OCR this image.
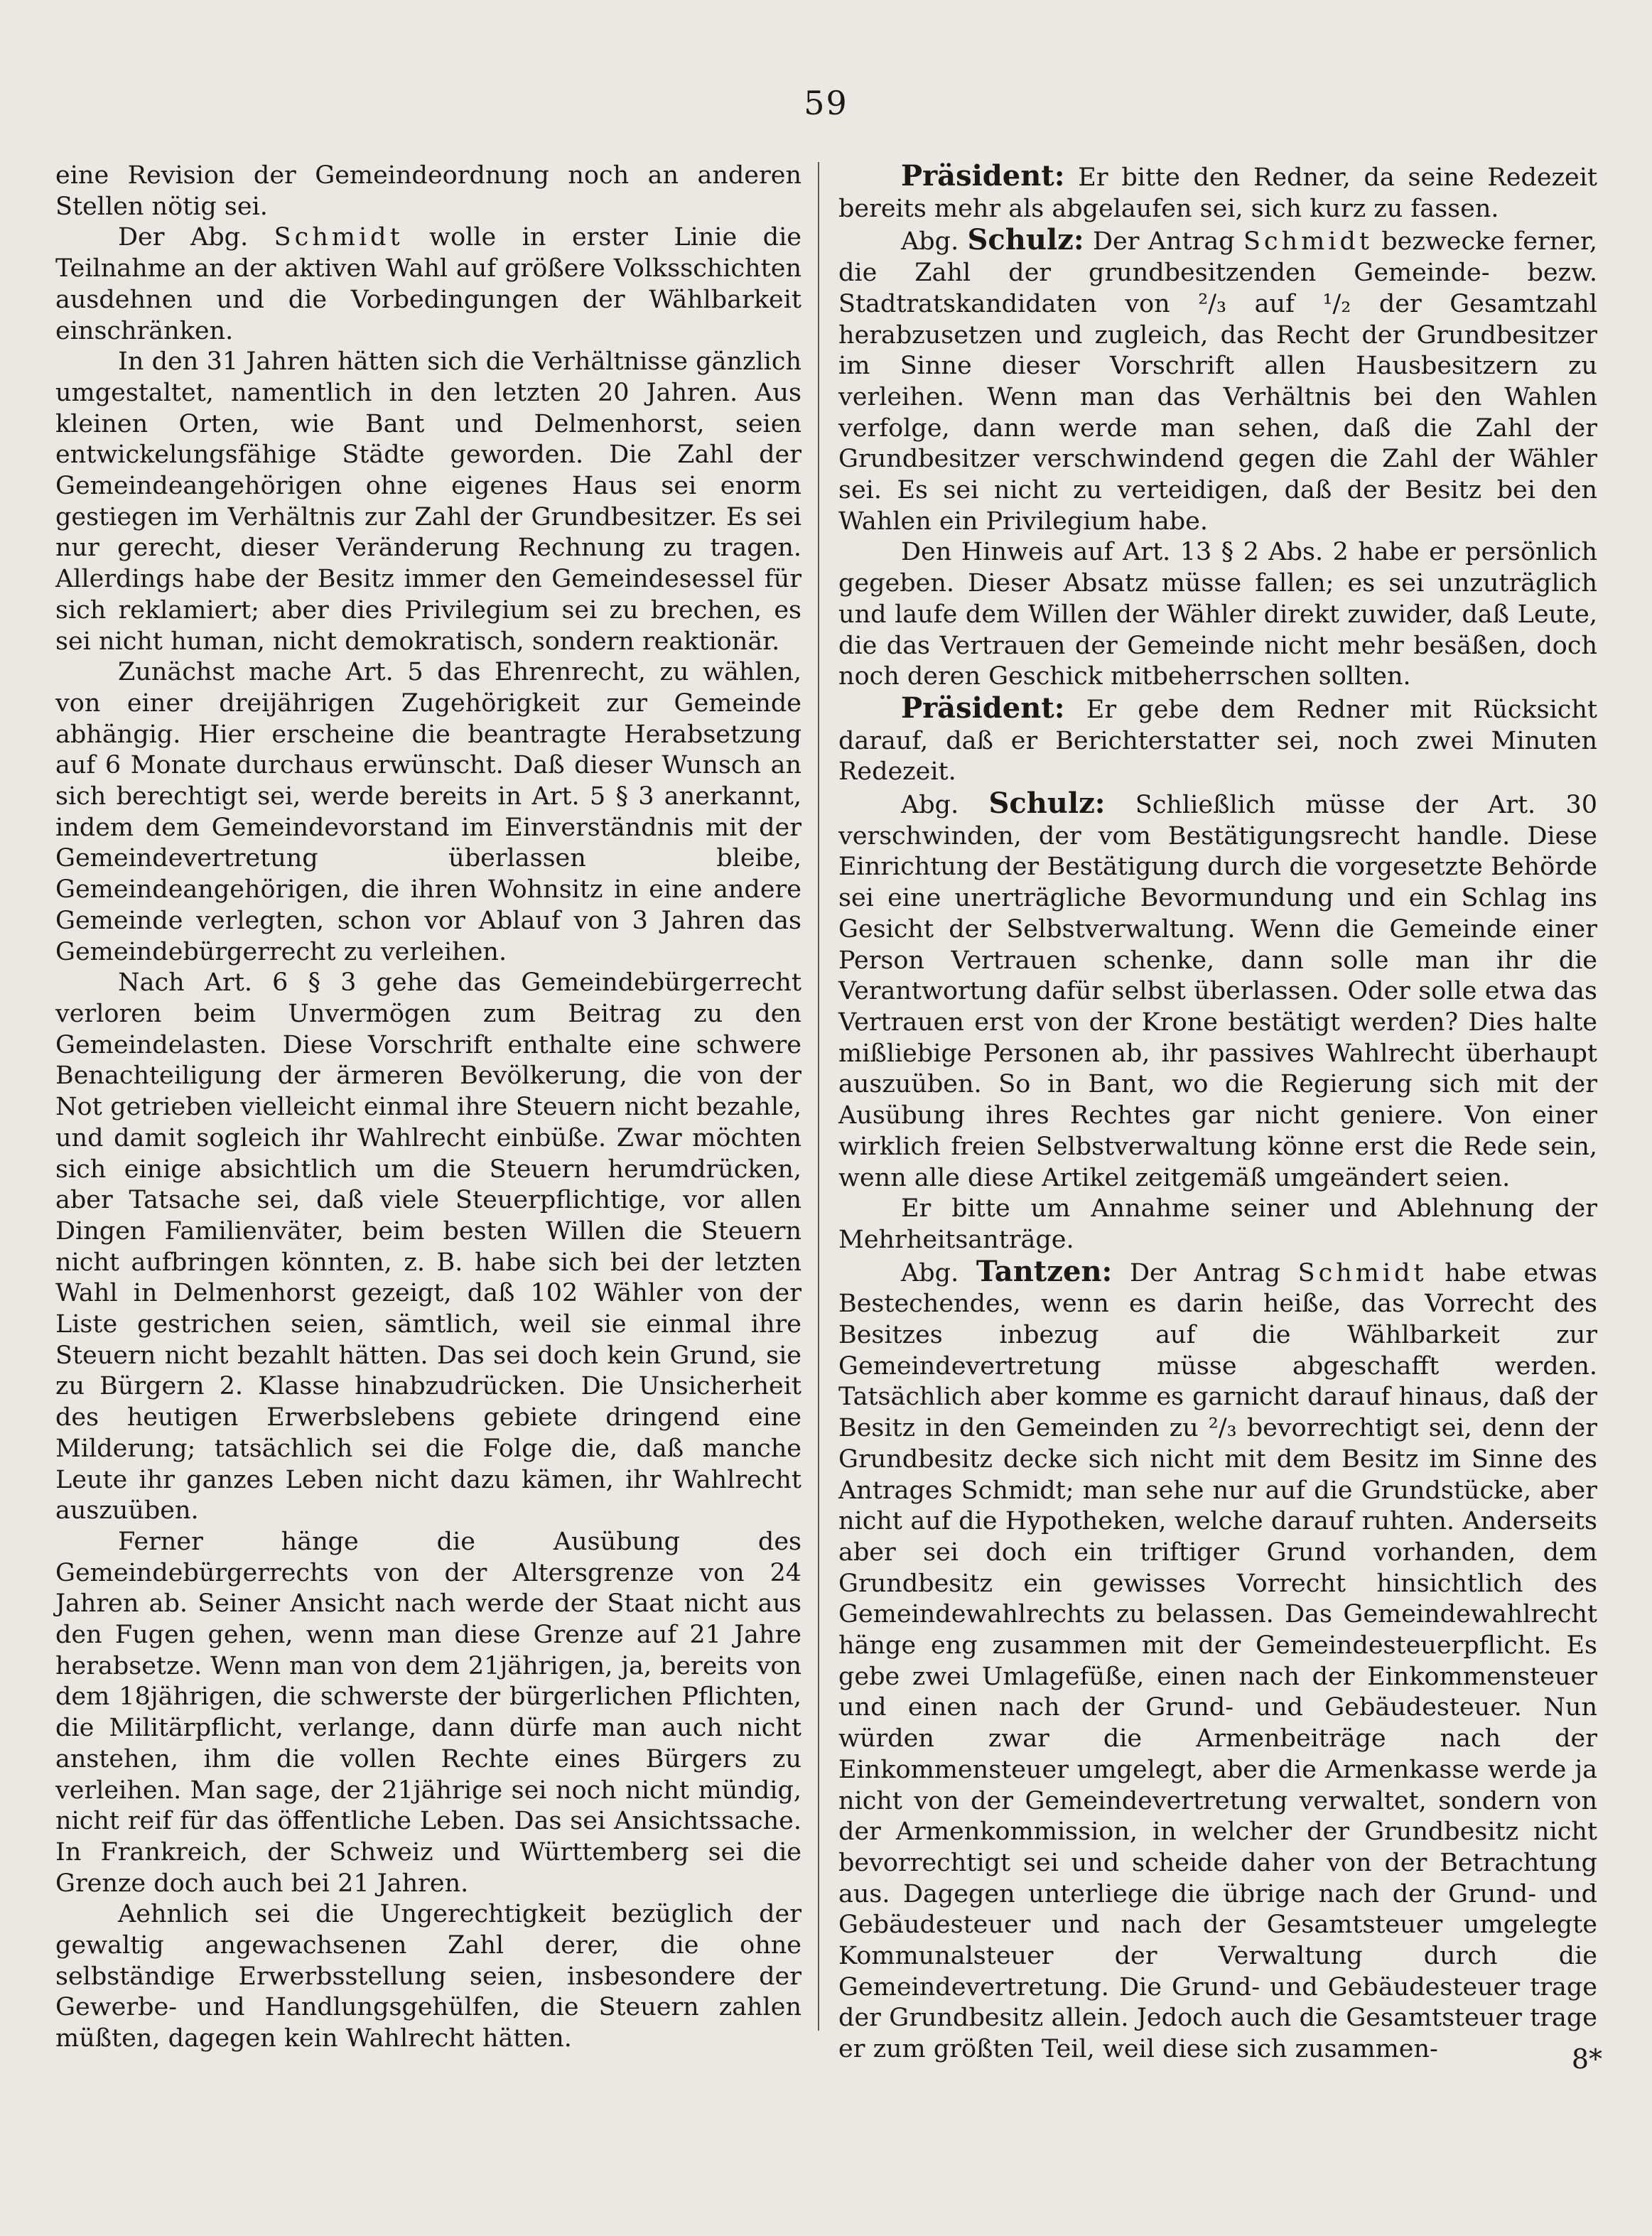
59

eine Revision der Gemeindeordnung noch an anderen Stellen nötig sei.

Der Abg. Schmidt wolle in erster Linie die Teilnahme an der aktiven Wahl auf größere Volksschichten ausdehnen und die Vorbedingungen der Wählbarkeit einschränken.

In den 31 Jahren hätten sich die Verhältnisse gänzlich umgestaltet, namentlich in den letzten 20 Jahren. Aus kleinen Orten, wie Bant und Delmenhorst, seien entwickelungsfähige Städte geworden. Die Zahl der Gemeindeangehörigen ohne eigenes Haus sei enorm gestiegen im Verhältnis zur Zahl der Grundbesitzer. Es sei nur gerecht, dieser Veränderung Rechnung zu tragen. Allerdings habe der Besitz immer den Gemeindesessel für sich reklamiert; aber dies Privilegium sei zu brechen, es sei nicht human, nicht demokratisch, sondern reaktionär.

Zunächst mache Art. 5 das Ehrenrecht, zu wählen, von einer dreijährigen Zugehörigkeit zur Gemeinde abhängig. Hier erscheine die beantragte Herabsetzung auf 6 Monate durchaus erwünscht. Daß dieser Wunsch an sich berechtigt sei, werde bereits in Art. 5 § 3 anerkannt, indem dem Gemeindevorstand im Einverständnis mit der Gemeindevertretung überlassen bleibe, Gemeindeangehörigen, die ihren Wohnsitz in eine andere Gemeinde verlegten, schon vor Ablauf von 3 Jahren das Gemeindebürgerrecht zu verleihen.

Nach Art. 6 § 3 gehe das Gemeindebürgerrecht verloren beim Unvermögen zum Beitrag zu den Gemeindelasten. Diese Vorschrift enthalte eine schwere Benachteiligung der ärmeren Bevölkerung, die von der Not getrieben vielleicht einmal ihre Steuern nicht bezahle, und damit sogleich ihr Wahlrecht einbüße. Zwar möchten sich einige absichtlich um die Steuern herumdrücken, aber Tatsache sei, daß viele Steuerpflichtige, vor allen Dingen Familienväter, beim besten Willen die Steuern nicht aufbringen könnten, z. B. habe sich bei der letzten Wahl in Delmenhorst gezeigt, daß 102 Wähler von der Liste gestrichen seien, sämtlich, weil sie einmal ihre Steuern nicht bezahlt hätten. Das sei doch kein Grund, sie zu Bürgern 2. Klasse hinabzudrücken. Die Unsicherheit des heutigen Erwerbslebens gebiete dringend eine Milderung; tatsächlich sei die Folge die, daß manche Leute ihr ganzes Leben nicht dazu kämen, ihr Wahlrecht auszuüben.

Ferner hänge die Ausübung des Gemeindebürgerrechts von der Altersgrenze von 24 Jahren ab. Seiner Ansicht nach werde der Staat nicht aus den Fugen gehen, wenn man diese Grenze auf 21 Jahre herabsetze. Wenn man von dem 21jährigen, ja, bereits von dem 18jährigen, die schwerste der bürgerlichen Pflichten, die Militärpflicht, verlange, dann dürfe man auch nicht anstehen, ihm die vollen Rechte eines Bürgers zu verleihen. Man sage, der 21jährige sei noch nicht mündig, nicht reif für das öffentliche Leben. Das sei Ansichtssache. In Frankreich, der Schweiz und Württemberg sei die Grenze doch auch bei 21 Jahren.

Aehnlich sei die Ungerechtigkeit bezüglich der gewaltig angewachsenen Zahl derer, die ohne selbständige Erwerbsstellung seien, insbesondere der Gewerbe- und Handlungsgehülfen, die Steuern zahlen müßten, dagegen kein Wahlrecht hätten.

Präsident: Er bitte den Redner, da seine Redezeit bereits mehr als abgelaufen sei, sich kurz zu fassen.

Abg. Schulz: Der Antrag Schmidt bezwecke ferner, die Zahl der grundbesitzenden Gemeinde- bezw. Stadtratskandidaten von ²/₃ auf ¹/₂ der Gesamtzahl herabzusetzen und zugleich, das Recht der Grundbesitzer im Sinne dieser Vorschrift allen Hausbesitzern zu verleihen. Wenn man das Verhältnis bei den Wahlen verfolge, dann werde man sehen, daß die Zahl der Grundbesitzer verschwindend gegen die Zahl der Wähler sei. Es sei nicht zu verteidigen, daß der Besitz bei den Wahlen ein Privilegium habe.

Den Hinweis auf Art. 13 § 2 Abs. 2 habe er persönlich gegeben. Dieser Absatz müsse fallen; es sei unzuträglich und laufe dem Willen der Wähler direkt zuwider, daß Leute, die das Vertrauen der Gemeinde nicht mehr besäßen, doch noch deren Geschick mitbeherrschen sollten.

Präsident: Er gebe dem Redner mit Rücksicht darauf, daß er Berichterstatter sei, noch zwei Minuten Redezeit.

Abg. Schulz: Schließlich müsse der Art. 30 verschwinden, der vom Bestätigungsrecht handle. Diese Einrichtung der Bestätigung durch die vorgesetzte Behörde sei eine unerträgliche Bevormundung und ein Schlag ins Gesicht der Selbstverwaltung. Wenn die Gemeinde einer Person Vertrauen schenke, dann solle man ihr die Verantwortung dafür selbst überlassen. Oder solle etwa das Vertrauen erst von der Krone bestätigt werden? Dies halte mißliebige Personen ab, ihr passives Wahlrecht überhaupt auszuüben. So in Bant, wo die Regierung sich mit der Ausübung ihres Rechtes gar nicht geniere. Von einer wirklich freien Selbstverwaltung könne erst die Rede sein, wenn alle diese Artikel zeitgemäß umgeändert seien.

Er bitte um Annahme seiner und Ablehnung der Mehrheitsanträge.

Abg. Tantzen: Der Antrag Schmidt habe etwas Bestechendes, wenn es darin heiße, das Vorrecht des Besitzes inbezug auf die Wählbarkeit zur Gemeindevertretung müsse abgeschafft werden. Tatsächlich aber komme es garnicht darauf hinaus, daß der Besitz in den Gemeinden zu ²/₃ bevorrechtigt sei, denn der Grundbesitz decke sich nicht mit dem Besitz im Sinne des Antrages Schmidt; man sehe nur auf die Grundstücke, aber nicht auf die Hypotheken, welche darauf ruhten. Anderseits aber sei doch ein triftiger Grund vorhanden, dem Grundbesitz ein gewisses Vorrecht hinsichtlich des Gemeindewahlrechts zu belassen. Das Gemeindewahlrecht hänge eng zusammen mit der Gemeindesteuerpflicht. Es gebe zwei Umlagefüße, einen nach der Einkommensteuer und einen nach der Grund- und Gebäudesteuer. Nun würden zwar die Armenbeiträge nach der Einkommensteuer umgelegt, aber die Armenkasse werde ja nicht von der Gemeindevertretung verwaltet, sondern von der Armenkommission, in welcher der Grundbesitz nicht bevorrechtigt sei und scheide daher von der Betrachtung aus. Dagegen unterliege die übrige nach der Grund- und Gebäudesteuer und nach der Gesamtsteuer umgelegte Kommunalsteuer der Verwaltung durch die Gemeindevertretung. Die Grund- und Gebäudesteuer trage der Grundbesitz allein. Jedoch auch die Gesamtsteuer trage er zum größten Teil, weil diese sich zusammen-	8*
